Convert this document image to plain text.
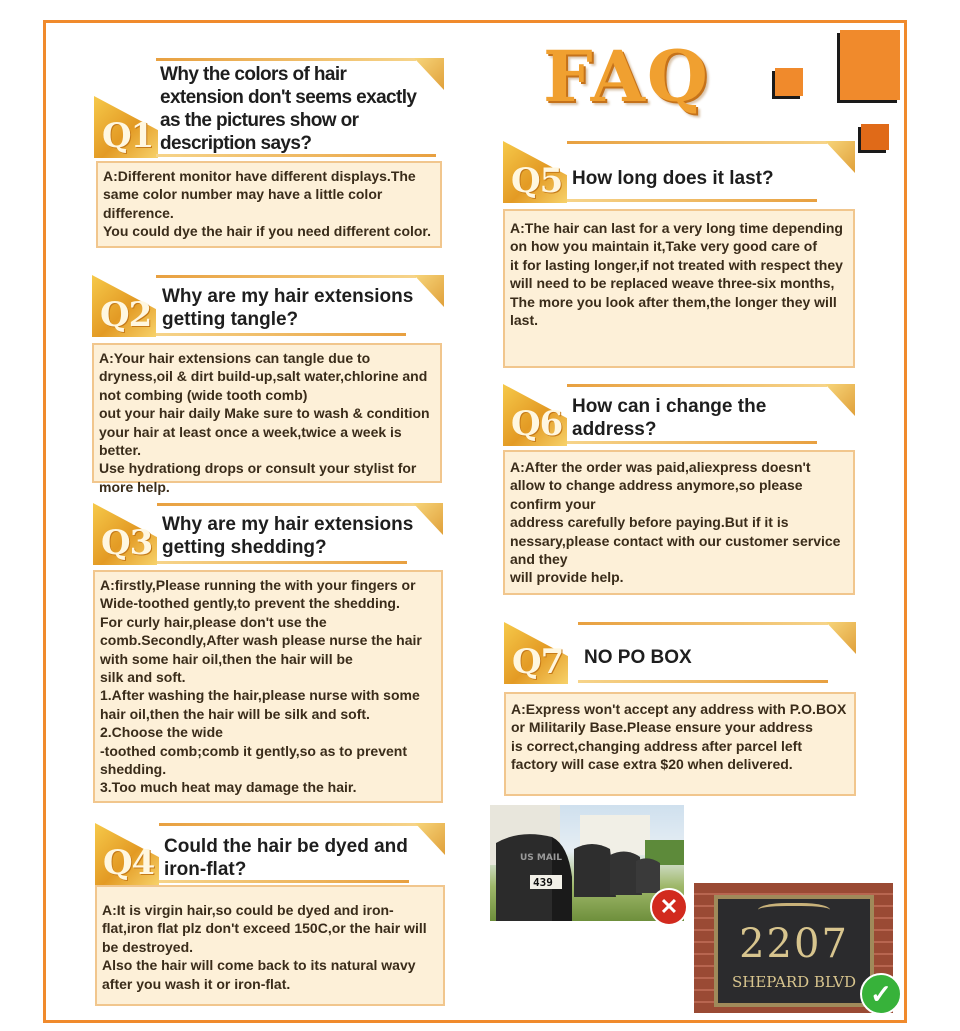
FAQ
Q1
Why the colors of hair extension don't seems exactly as the pictures show or description says?
A:Different monitor have different displays.The same color number may have a little color difference.
You could dye the hair if you need different color.
Q2 Why are my hair extensions getting tangle?
A:Your hair extensions can tangle due to dryness,oil & dirt build-up,salt water,chlorine and not combing (wide tooth comb)
out your hair daily Make sure to wash & condition your hair at least once a week,twice a week is better.
Use hydrationg drops or consult your stylist for more help.
Q3 Why are my hair extensions getting shedding?
A:firstly,Please running the with your fingers or Wide-toothed gently,to prevent the shedding.
For curly hair,please don't use the comb.Secondly,After wash please nurse the hair with some hair oil,then the hair will be
silk and soft.
1.After washing the hair,please nurse with some hair oil,then the hair will be silk and soft.
2.Choose the wide
-toothed comb;comb it gently,so as to prevent shedding.
3.Too much heat may damage the hair.
Q4 Could the hair be dyed and iron-flat?
A:It is virgin hair,so could be dyed and iron-flat,iron flat plz don't exceed 150C,or the hair will be destroyed.
Also the hair will come back to its natural wavy after you wash it or iron-flat.
Q5 How long does it last?
A:The hair can last for a very long time depending on how you maintain it,Take very good care of
it for lasting longer,if not treated with respect they will need to be replaced weave three-six months,
The more you look after them,the longer they will last.
Q6 How can i change the address?
A:After the order was paid,aliexpress doesn't allow to change address anymore,so please confirm your
address carefully before paying.But if it is nessary,please contact with our customer service and they
will provide help.
Q7 NO PO BOX
A:Express won't accept any address with P.O.BOX or Militarily Base.Please ensure your address
is correct,changing address after parcel left factory will case extra $20 when delivered.
439
US MAIL
✕
2207
SHEPARD BLVD ✓
